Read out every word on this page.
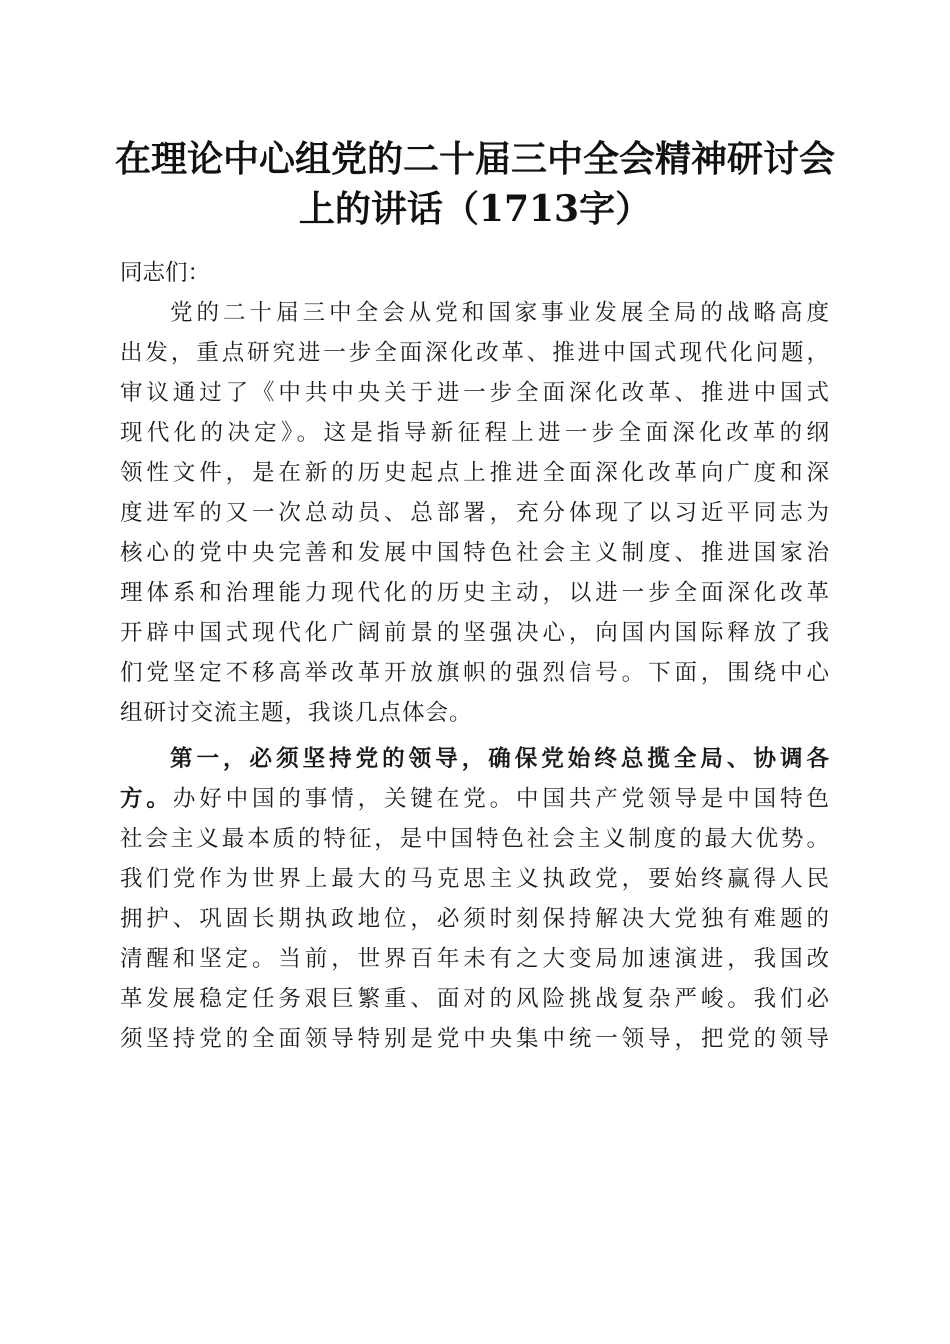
在理论中心组党的二十届三中全会精神研讨会
上的讲话（1713字）

同志们：

党的二十届三中全会从党和国家事业发展全局的战略高度
出发，重点研究进一步全面深化改革、推进中国式现代化问题，
审议通过了《中共中央关于进一步全面深化改革、推进中国式
现代化的决定》。这是指导新征程上进一步全面深化改革的纲
领性文件，是在新的历史起点上推进全面深化改革向广度和深
度进军的又一次总动员、总部署，充分体现了以习近平同志为
核心的党中央完善和发展中国特色社会主义制度、推进国家治
理体系和治理能力现代化的历史主动，以进一步全面深化改革
开辟中国式现代化广阔前景的坚强决心，向国内国际释放了我
们党坚定不移高举改革开放旗帜的强烈信号。下面，围绕中心
组研讨交流主题，我谈几点体会。
第一，必须坚持党的领导，确保党始终总揽全局、协调各
方。办好中国的事情，关键在党。中国共产党领导是中国特色
社会主义最本质的特征，是中国特色社会主义制度的最大优势。
我们党作为世界上最大的马克思主义执政党，要始终赢得人民
拥护、巩固长期执政地位，必须时刻保持解决大党独有难题的
清醒和坚定。当前，世界百年未有之大变局加速演进，我国改
革发展稳定任务艰巨繁重、面对的风险挑战复杂严峻。我们必
须坚持党的全面领导特别是党中央集中统一领导，把党的领导
